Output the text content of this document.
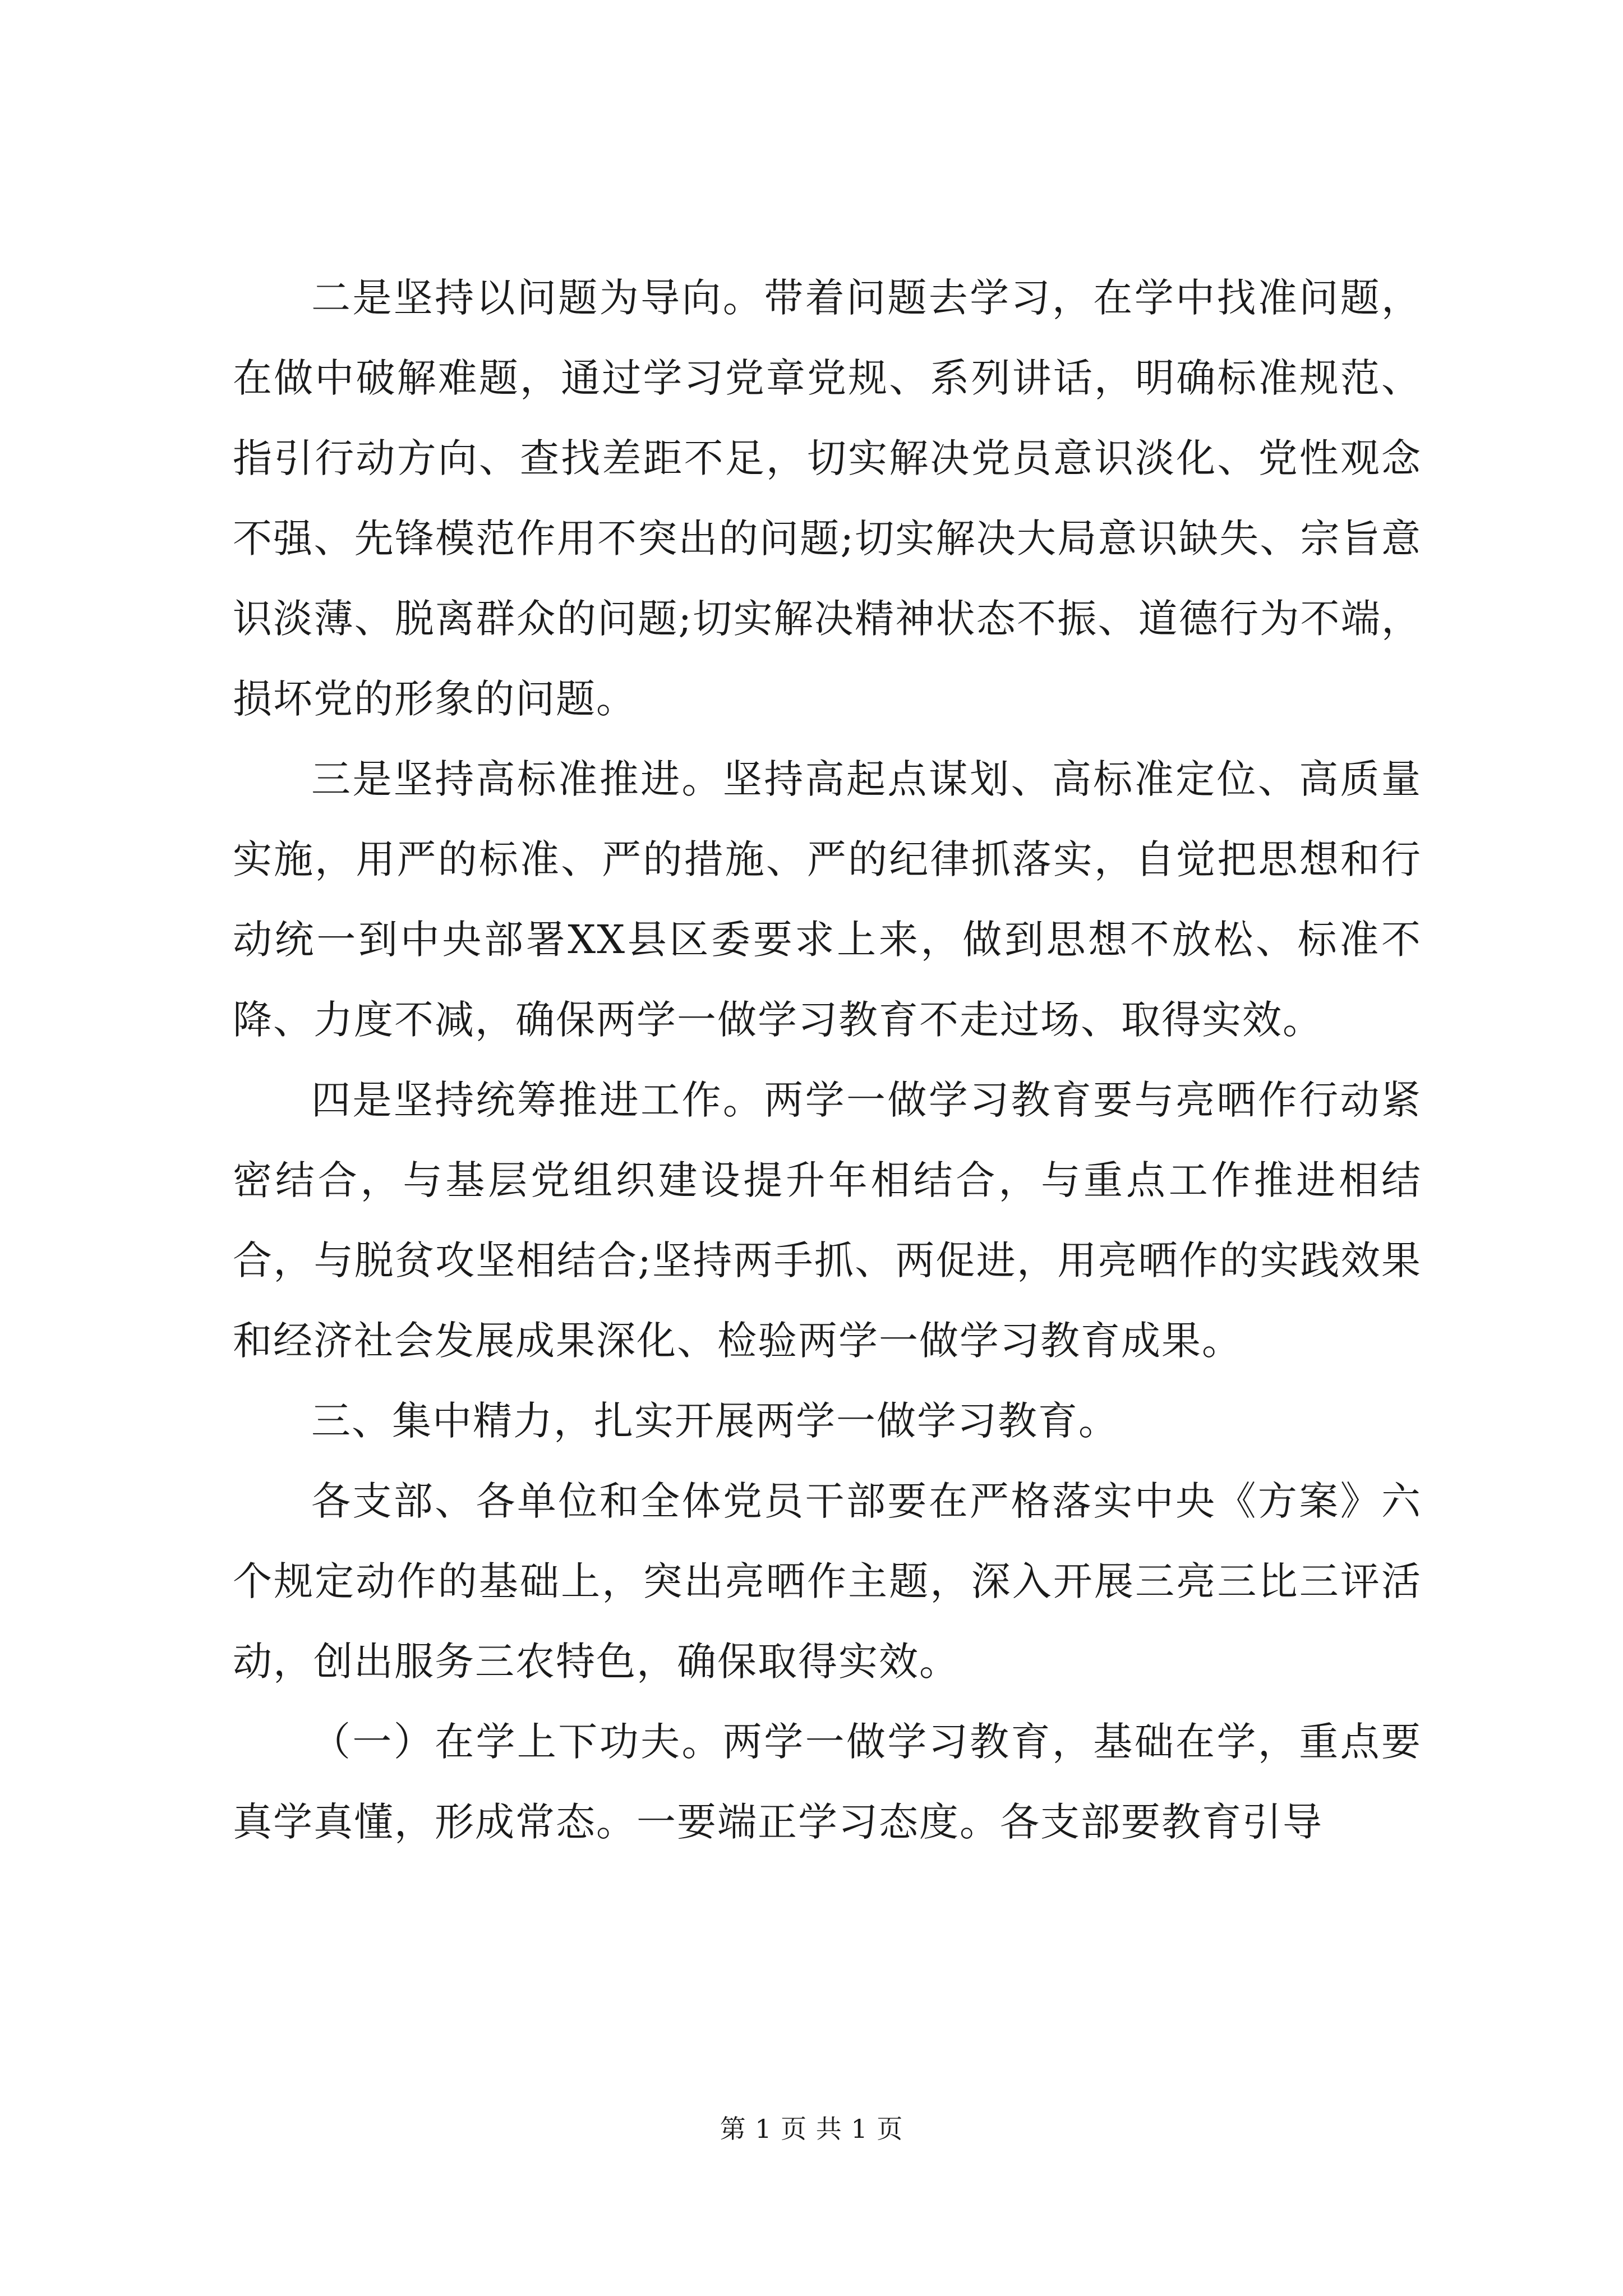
二是坚持以问题为导向。带着问题去学习，在学中找准问题，在做中破解难题，通过学习党章党规、系列讲话，明确标准规范、指引行动方向、查找差距不足，切实解决党员意识淡化、党性观念不强、先锋模范作用不突出的问题;切实解决大局意识缺失、宗旨意识淡薄、脱离群众的问题;切实解决精神状态不振、道德行为不端，损坏党的形象的问题。

三是坚持高标准推进。坚持高起点谋划、高标准定位、高质量实施，用严的标准、严的措施、严的纪律抓落实，自觉把思想和行动统一到中央部署XX县区委要求上来，做到思想不放松、标准不降、力度不减，确保两学一做学习教育不走过场、取得实效。

四是坚持统筹推进工作。两学一做学习教育要与亮晒作行动紧密结合，与基层党组织建设提升年相结合，与重点工作推进相结合，与脱贫攻坚相结合;坚持两手抓、两促进，用亮晒作的实践效果和经济社会发展成果深化、检验两学一做学习教育成果。

三、集中精力，扎实开展两学一做学习教育。

各支部、各单位和全体党员干部要在严格落实中央《方案》六个规定动作的基础上，突出亮晒作主题，深入开展三亮三比三评活动，创出服务三农特色，确保取得实效。

（一）在学上下功夫。两学一做学习教育，基础在学，重点要真学真懂，形成常态。一要端正学习态度。各支部要教育引导

第 1 页 共 1 页
